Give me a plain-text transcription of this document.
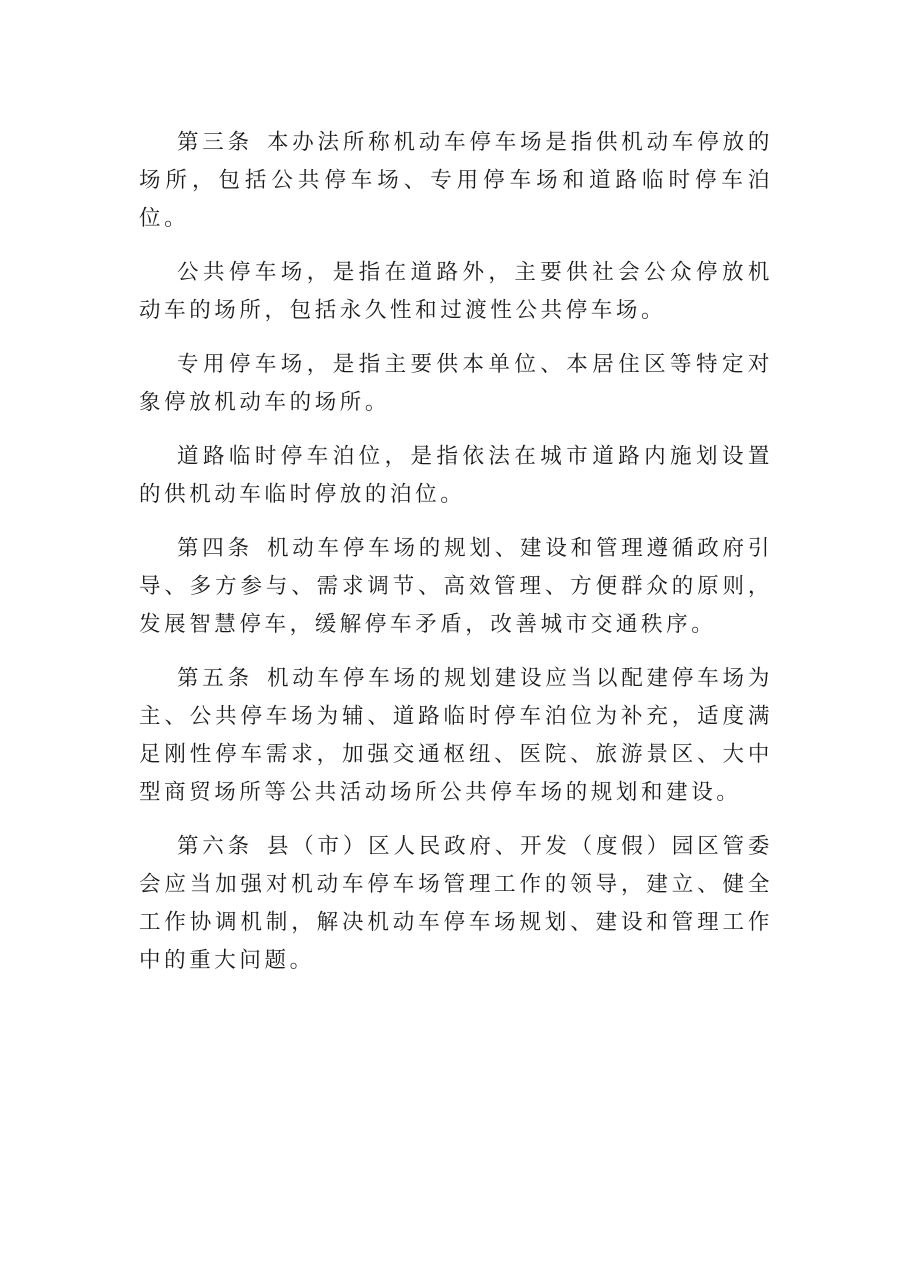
第三条 本办法所称机动车停车场是指供机动车停放的场所，包括公共停车场、专用停车场和道路临时停车泊位。

公共停车场，是指在道路外，主要供社会公众停放机动车的场所，包括永久性和过渡性公共停车场。

专用停车场，是指主要供本单位、本居住区等特定对象停放机动车的场所。

道路临时停车泊位，是指依法在城市道路内施划设置的供机动车临时停放的泊位。

第四条 机动车停车场的规划、建设和管理遵循政府引导、多方参与、需求调节、高效管理、方便群众的原则，发展智慧停车，缓解停车矛盾，改善城市交通秩序。

第五条 机动车停车场的规划建设应当以配建停车场为主、公共停车场为辅、道路临时停车泊位为补充，适度满足刚性停车需求，加强交通枢纽、医院、旅游景区、大中型商贸场所等公共活动场所公共停车场的规划和建设。

第六条 县（市）区人民政府、开发（度假）园区管委会应当加强对机动车停车场管理工作的领导，建立、健全工作协调机制，解决机动车停车场规划、建设和管理工作中的重大问题。
